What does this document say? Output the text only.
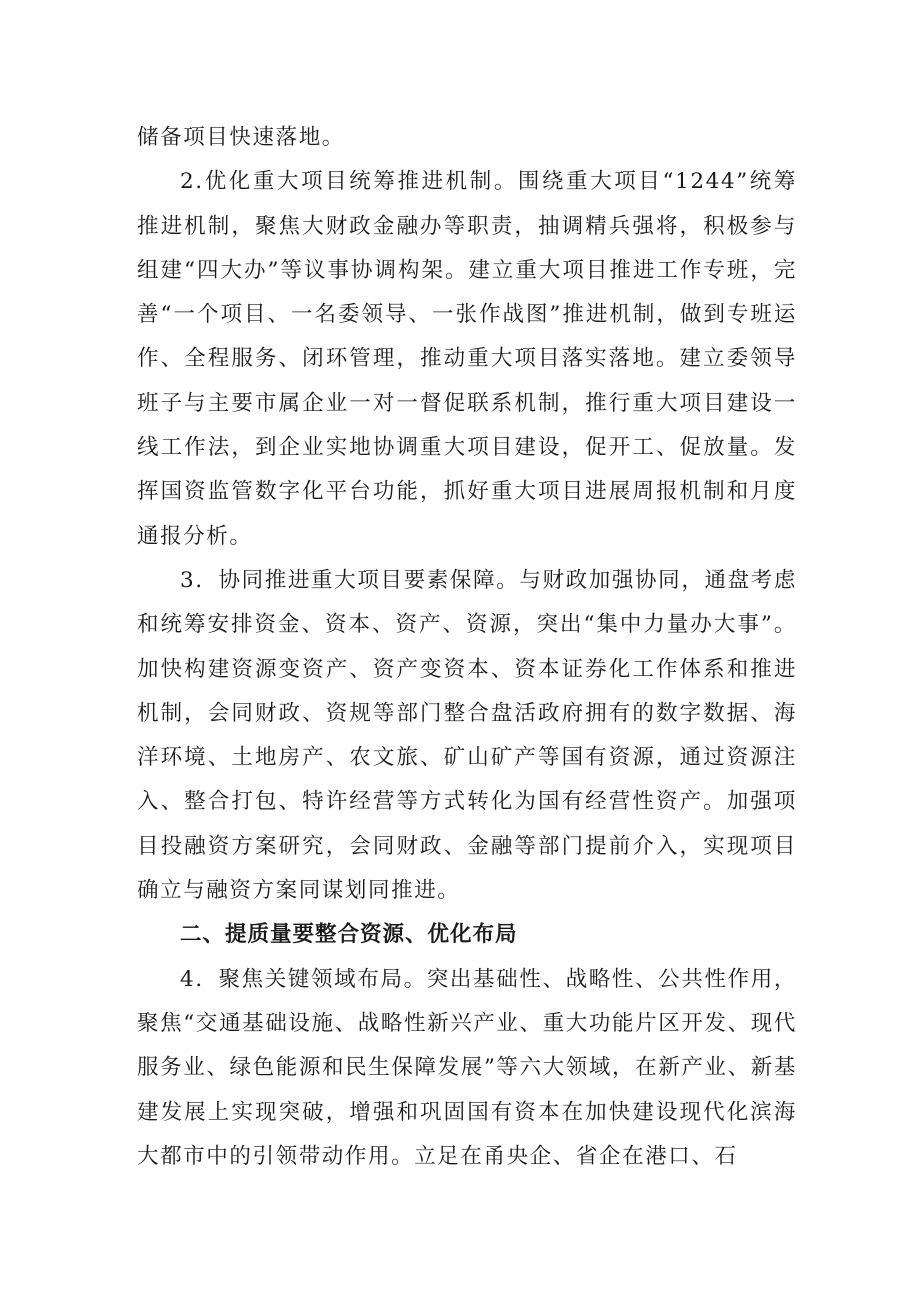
储备项目快速落地。

2.优化重大项目统筹推进机制。围绕重大项目“1244”统筹推进机制，聚焦大财政金融办等职责，抽调精兵强将，积极参与组建“四大办”等议事协调构架。建立重大项目推进工作专班，完善“一个项目、一名委领导、一张作战图”推进机制，做到专班运作、全程服务、闭环管理，推动重大项目落实落地。建立委领导班子与主要市属企业一对一督促联系机制，推行重大项目建设一线工作法，到企业实地协调重大项目建设，促开工、促放量。发挥国资监管数字化平台功能，抓好重大项目进展周报机制和月度通报分析。

3．协同推进重大项目要素保障。与财政加强协同，通盘考虑和统筹安排资金、资本、资产、资源，突出“集中力量办大事”。加快构建资源变资产、资产变资本、资本证券化工作体系和推进机制，会同财政、资规等部门整合盘活政府拥有的数字数据、海洋环境、土地房产、农文旅、矿山矿产等国有资源，通过资源注入、整合打包、特许经营等方式转化为国有经营性资产。加强项目投融资方案研究，会同财政、金融等部门提前介入，实现项目确立与融资方案同谋划同推进。

二、提质量要整合资源、优化布局

4．聚焦关键领域布局。突出基础性、战略性、公共性作用，聚焦“交通基础设施、战略性新兴产业、重大功能片区开发、现代服务业、绿色能源和民生保障发展”等六大领域，在新产业、新基建发展上实现突破，增强和巩固国有资本在加快建设现代化滨海大都市中的引领带动作用。立足在甬央企、省企在港口、石
